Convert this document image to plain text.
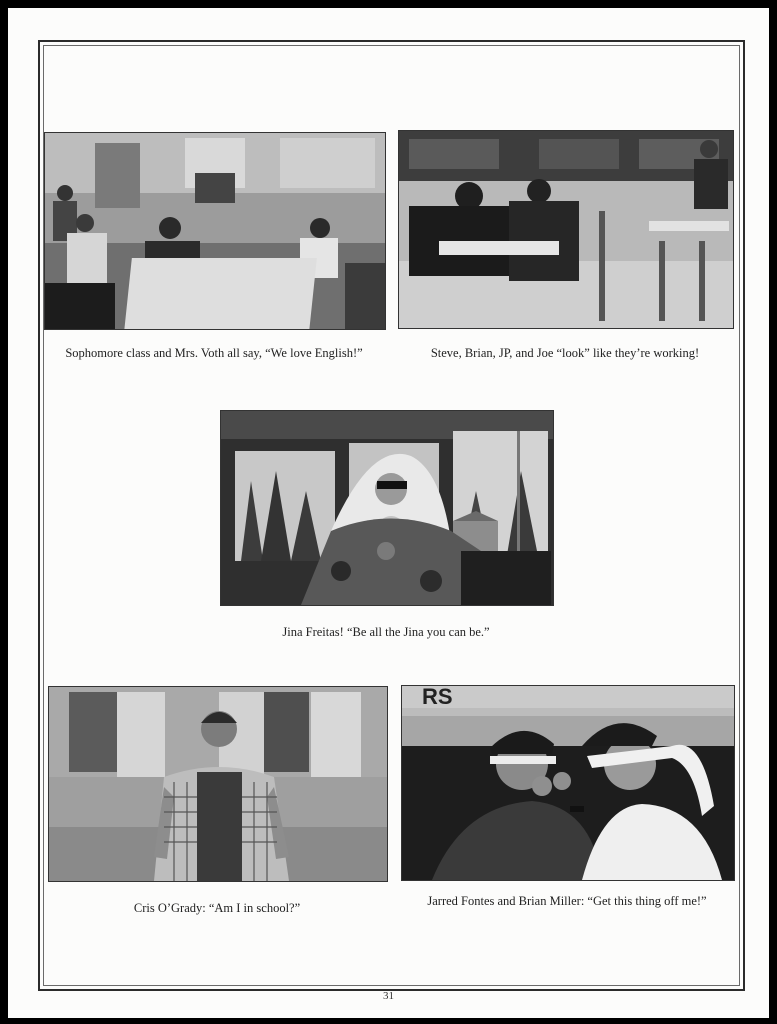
Sophomore class and Mrs. Voth all say, “We love English!”	Steve, Brian, JP, and Joe “look” like they’re working!
Jina Freitas! “Be all the Jina you can be.”
Cris O’Grady: “Am I in school?”
RS
Jarred Fontes and Brian Miller: “Get this thing off me!”
31
